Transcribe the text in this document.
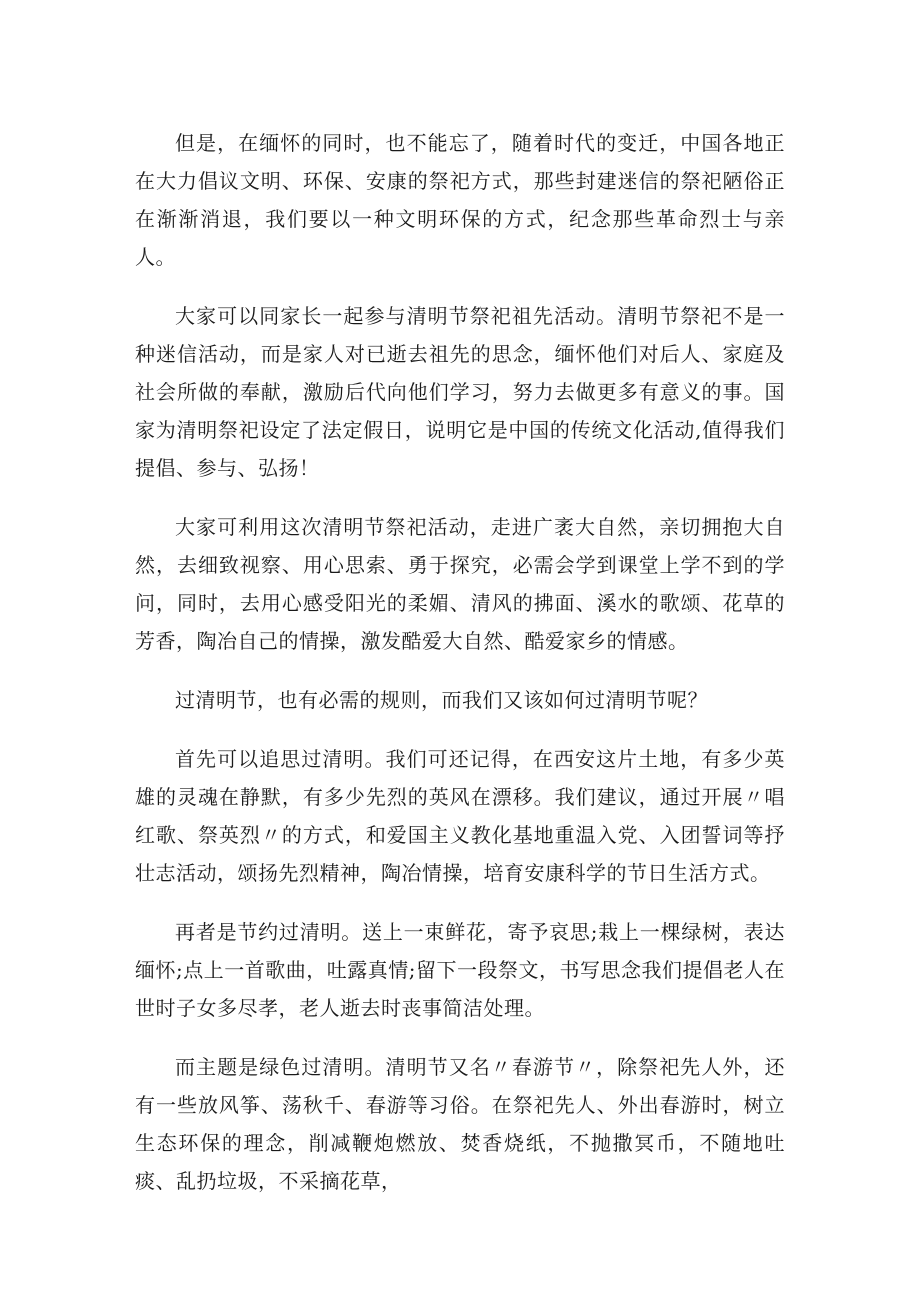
但是，在缅怀的同时，也不能忘了，随着时代的变迁，中国各地正在大力倡议文明、环保、安康的祭祀方式，那些封建迷信的祭祀陋俗正在渐渐消退，我们要以一种文明环保的方式，纪念那些革命烈士与亲人。

大家可以同家长一起参与清明节祭祀祖先活动。清明节祭祀不是一种迷信活动，而是家人对已逝去祖先的思念，缅怀他们对后人、家庭及社会所做的奉献，激励后代向他们学习，努力去做更多有意义的事。国家为清明祭祀设定了法定假日，说明它是中国的传统文化活动,值得我们提倡、参与、弘扬！

大家可利用这次清明节祭祀活动，走进广袤大自然，亲切拥抱大自然，去细致视察、用心思索、勇于探究，必需会学到课堂上学不到的学问，同时，去用心感受阳光的柔媚、清风的拂面、溪水的歌颂、花草的芳香，陶冶自己的情操，激发酷爱大自然、酷爱家乡的情感。

过清明节，也有必需的规则，而我们又该如何过清明节呢？

首先可以追思过清明。我们可还记得，在西安这片土地，有多少英雄的灵魂在静默，有多少先烈的英风在漂移。我们建议，通过开展〃唱红歌、祭英烈〃的方式，和爱国主义教化基地重温入党、入团誓词等抒壮志活动，颂扬先烈精神，陶冶情操，培育安康科学的节日生活方式。

再者是节约过清明。送上一束鲜花，寄予哀思;栽上一棵绿树，表达缅怀;点上一首歌曲，吐露真情;留下一段祭文，书写思念我们提倡老人在世时子女多尽孝，老人逝去时丧事简洁处理。

而主题是绿色过清明。清明节又名〃春游节〃，除祭祀先人外，还有一些放风筝、荡秋千、春游等习俗。在祭祀先人、外出春游时，树立生态环保的理念，削减鞭炮燃放、焚香烧纸，不抛撒冥币，不随地吐痰、乱扔垃圾，不采摘花草，
